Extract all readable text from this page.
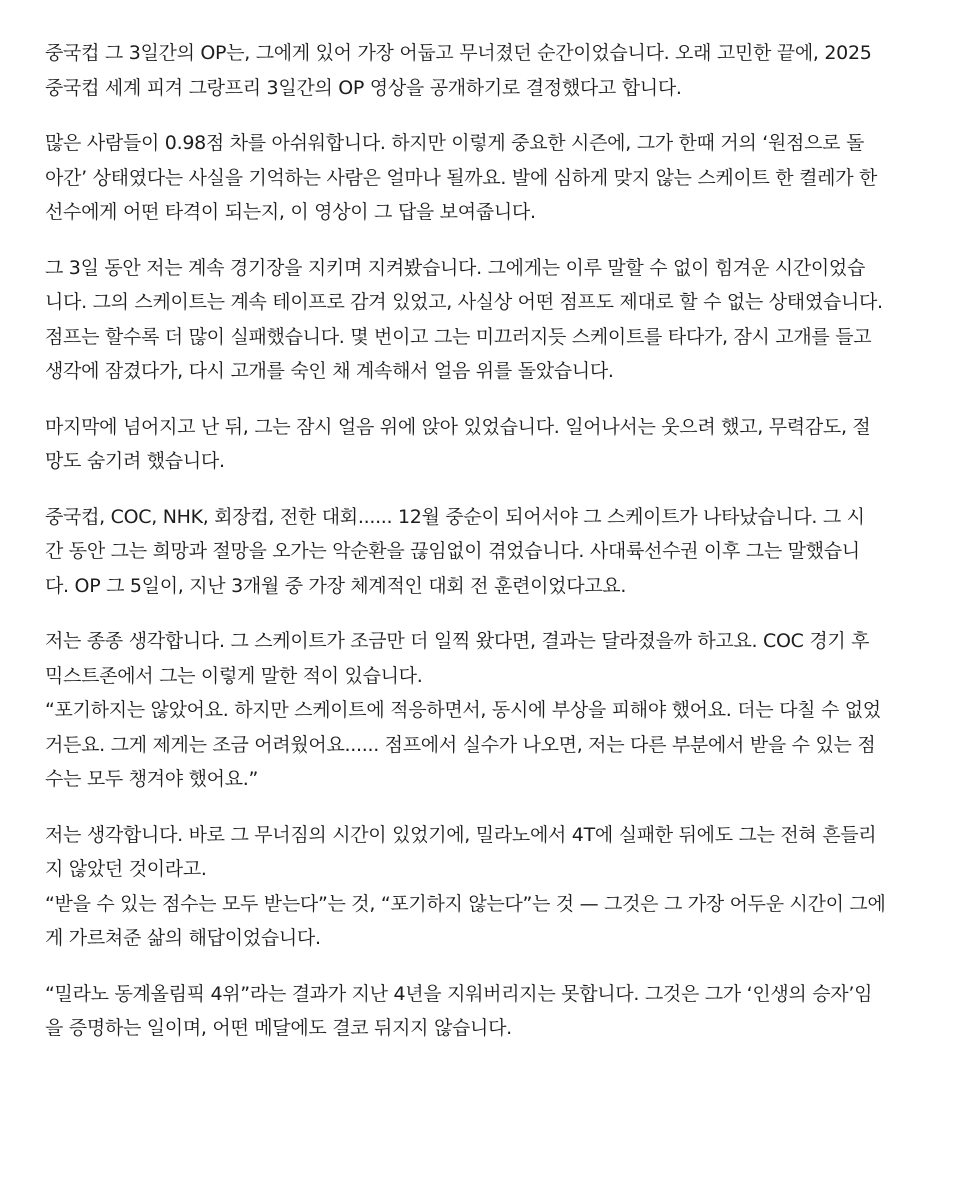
중국컵 그 3일간의 OP는, 그에게 있어 가장 어둡고 무너졌던 순간이었습니다. 오래 고민한 끝에, 2025
중국컵 세계 피겨 그랑프리 3일간의 OP 영상을 공개하기로 결정했다고 합니다.
많은 사람들이 0.98점 차를 아쉬워합니다. 하지만 이렇게 중요한 시즌에, 그가 한때 거의 ‘원점으로 돌
아간’ 상태였다는 사실을 기억하는 사람은 얼마나 될까요. 발에 심하게 맞지 않는 스케이트 한 켤레가 한
선수에게 어떤 타격이 되는지, 이 영상이 그 답을 보여줍니다.
그 3일 동안 저는 계속 경기장을 지키며 지켜봤습니다. 그에게는 이루 말할 수 없이 힘겨운 시간이었습
니다. 그의 스케이트는 계속 테이프로 감겨 있었고, 사실상 어떤 점프도 제대로 할 수 없는 상태였습니다.
점프는 할수록 더 많이 실패했습니다. 몇 번이고 그는 미끄러지듯 스케이트를 타다가, 잠시 고개를 들고
생각에 잠겼다가, 다시 고개를 숙인 채 계속해서 얼음 위를 돌았습니다.
마지막에 넘어지고 난 뒤, 그는 잠시 얼음 위에 앉아 있었습니다. 일어나서는 웃으려 했고, 무력감도, 절
망도 숨기려 했습니다.
중국컵, COC, NHK, 회장컵, 전한 대회...... 12월 중순이 되어서야 그 스케이트가 나타났습니다. 그 시
간 동안 그는 희망과 절망을 오가는 악순환을 끊임없이 겪었습니다. 사대륙선수권 이후 그는 말했습니
다. OP 그 5일이, 지난 3개월 중 가장 체계적인 대회 전 훈련이었다고요.
저는 종종 생각합니다. 그 스케이트가 조금만 더 일찍 왔다면, 결과는 달라졌을까 하고요. COC 경기 후
믹스트존에서 그는 이렇게 말한 적이 있습니다.
“포기하지는 않았어요. 하지만 스케이트에 적응하면서, 동시에 부상을 피해야 했어요. 더는 다칠 수 없었
거든요. 그게 제게는 조금 어려웠어요...... 점프에서 실수가 나오면, 저는 다른 부분에서 받을 수 있는 점
수는 모두 챙겨야 했어요.”
저는 생각합니다. 바로 그 무너짐의 시간이 있었기에, 밀라노에서 4T에 실패한 뒤에도 그는 전혀 흔들리
지 않았던 것이라고.
“받을 수 있는 점수는 모두 받는다”는 것, “포기하지 않는다”는 것 — 그것은 그 가장 어두운 시간이 그에
게 가르쳐준 삶의 해답이었습니다.
“밀라노 동계올림픽 4위”라는 결과가 지난 4년을 지워버리지는 못합니다. 그것은 그가 ‘인생의 승자’임
을 증명하는 일이며, 어떤 메달에도 결코 뒤지지 않습니다.
